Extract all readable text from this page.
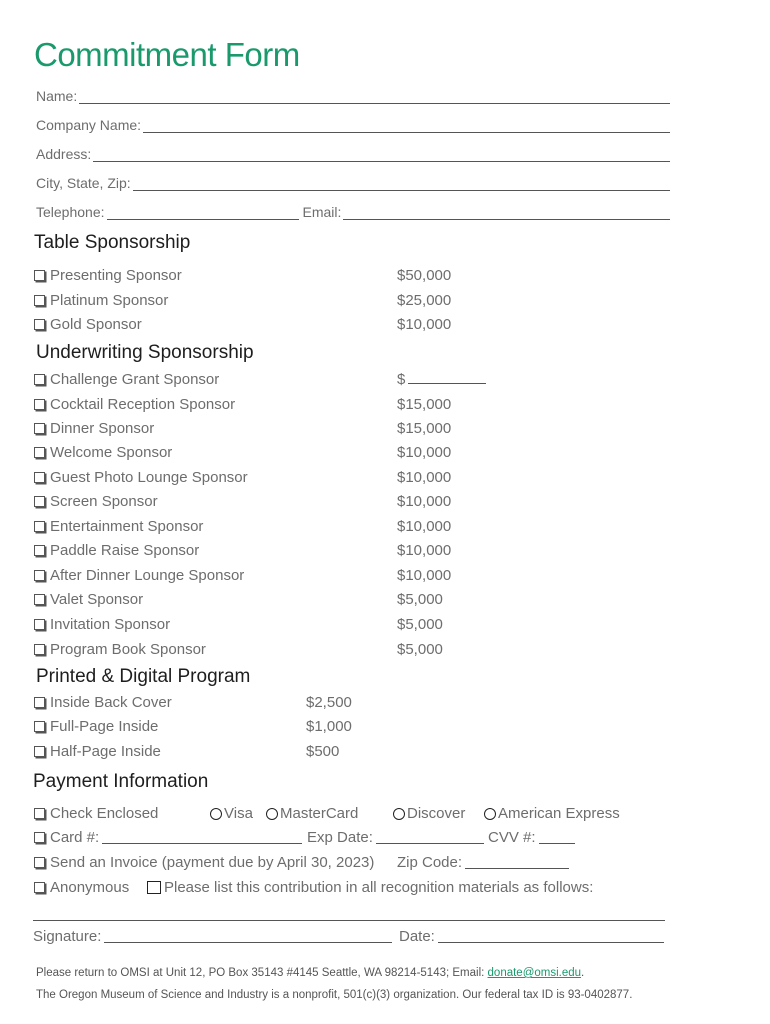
Commitment Form
Name:
Company Name:
Address:
City, State, Zip:
Telephone:	Email:
Table Sponsorship
Presenting Sponsor	$50,000
Platinum Sponsor	$25,000
Gold Sponsor	$10,000
Underwriting Sponsorship
Challenge Grant Sponsor	$
Cocktail Reception Sponsor	$15,000
Dinner Sponsor	$15,000
Welcome Sponsor	$10,000
Guest Photo Lounge Sponsor	$10,000
Screen Sponsor	$10,000
Entertainment Sponsor	$10,000
Paddle Raise Sponsor	$10,000
After Dinner Lounge Sponsor	$10,000
Valet Sponsor	$5,000
Invitation Sponsor	$5,000
Program Book Sponsor	$5,000
Printed & Digital Program
Inside Back Cover	$2,500
Full-Page Inside	$1,000
Half-Page Inside	$500
Payment Information
Check Enclosed	Visa MasterCard	Discover American Express
Card #:	Exp Date:	CVV #:
Send an Invoice (payment due by April 30, 2023) Zip Code:
Anonymous Please list this contribution in all recognition materials as follows:
Signature:	Date:
Please return to OMSI at Unit 12, PO Box 35143 #4145 Seattle, WA 98214-5143; Email: donate@omsi.edu.
The Oregon Museum of Science and Industry is a nonprofit, 501(c)(3) organization. Our federal tax ID is 93-0402877.
